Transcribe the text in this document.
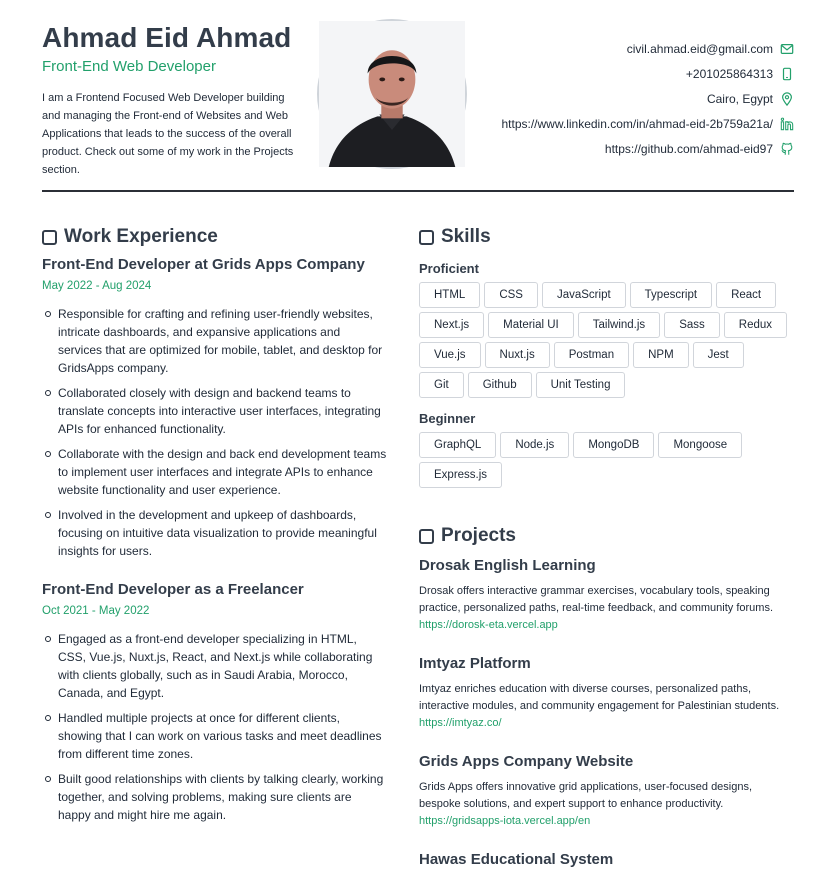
Ahmad Eid Ahmad
Front-End Web Developer

I am a Frontend Focused Web Developer building and managing the Front-end of Websites and Web Applications that leads to the success of the overall product. Check out some of my work in the Projects section.

civil.ahmad.eid@gmail.com
+201025864313
Cairo, Egypt
https://www.linkedin.com/in/ahmad-eid-2b759a21a/
https://github.com/ahmad-eid97
Work Experience
Front-End Developer at Grids Apps Company
May 2022 - Aug 2024
Responsible for crafting and refining user-friendly websites, intricate dashboards, and expansive applications and services that are optimized for mobile, tablet, and desktop for GridsApps company.
Collaborated closely with design and backend teams to translate concepts into interactive user interfaces, integrating APIs for enhanced functionality.
Collaborate with the design and back end development teams to implement user interfaces and integrate APIs to enhance website functionality and user experience.
Involved in the development and upkeep of dashboards, focusing on intuitive data visualization to provide meaningful insights for users.
Front-End Developer as a Freelancer
Oct 2021 - May 2022
Engaged as a front-end developer specializing in HTML, CSS, Vue.js, Nuxt.js, React, and Next.js while collaborating with clients globally, such as in Saudi Arabia, Morocco, Canada, and Egypt.
Handled multiple projects at once for different clients, showing that I can work on various tasks and meet deadlines from different time zones.
Built good relationships with clients by talking clearly, working together, and solving problems, making sure clients are happy and might hire me again.
Skills
Proficient
HTML	CSS	JavaScript	Typescript	React
Next.js	Material UI	Tailwind.js	Sass	Redux
Vue.js	Nuxt.js	Postman	NPM	Jest
Git	Github	Unit Testing
Beginner
GraphQL	Node.js	MongoDB	Mongoose
Express.js
Projects
Drosak English Learning
Drosak offers interactive grammar exercises, vocabulary tools, speaking practice, personalized paths, real-time feedback, and community forums.
https://dorosk-eta.vercel.app
Imtyaz Platform
Imtyaz enriches education with diverse courses, personalized paths, interactive modules, and community engagement for Palestinian students.
https://imtyaz.co/
Grids Apps Company Website
Grids Apps offers innovative grid applications, user-focused designs, bespoke solutions, and expert support to enhance productivity.
https://gridsapps-iota.vercel.app/en
Hawas Educational System
